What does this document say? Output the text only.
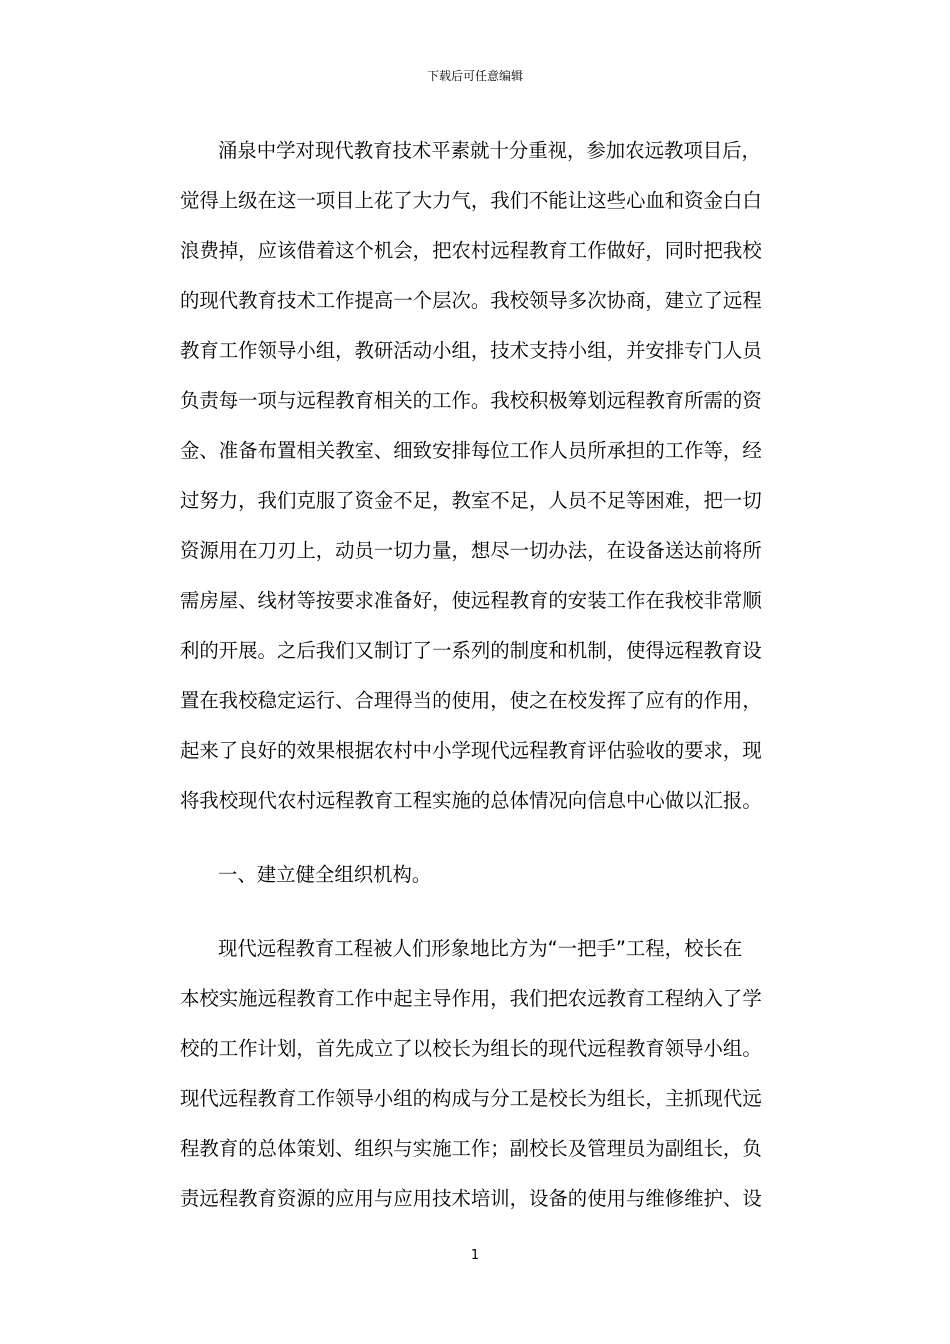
下载后可任意编辑
涌泉中学对现代教育技术平素就十分重视，参加农远教项目后，
觉得上级在这一项目上花了大力气，我们不能让这些心血和资金白白
浪费掉，应该借着这个机会，把农村远程教育工作做好，同时把我校
的现代教育技术工作提高一个层次。我校领导多次协商，建立了远程
教育工作领导小组，教研活动小组，技术支持小组，并安排专门人员
负责每一项与远程教育相关的工作。我校积极筹划远程教育所需的资
金、准备布置相关教室、细致安排每位工作人员所承担的工作等，经
过努力，我们克服了资金不足，教室不足，人员不足等困难，把一切
资源用在刀刃上，动员一切力量，想尽一切办法，在设备送达前将所
需房屋、线材等按要求准备好，使远程教育的安装工作在我校非常顺
利的开展。之后我们又制订了一系列的制度和机制，使得远程教育设
置在我校稳定运行、合理得当的使用，使之在校发挥了应有的作用，
起来了良好的效果根据农村中小学现代远程教育评估验收的要求，现
将我校现代农村远程教育工程实施的总体情况向信息中心做以汇报。
一、建立健全组织机构。
现代远程教育工程被人们形象地比方为“一把手”工程，校长在
本校实施远程教育工作中起主导作用，我们把农远教育工程纳入了学
校的工作计划，首先成立了以校长为组长的现代远程教育领导小组。
现代远程教育工作领导小组的构成与分工是校长为组长，主抓现代远
程教育的总体策划、组织与实施工作；副校长及管理员为副组长，负
责远程教育资源的应用与应用技术培训，设备的使用与维修维护、设
1
